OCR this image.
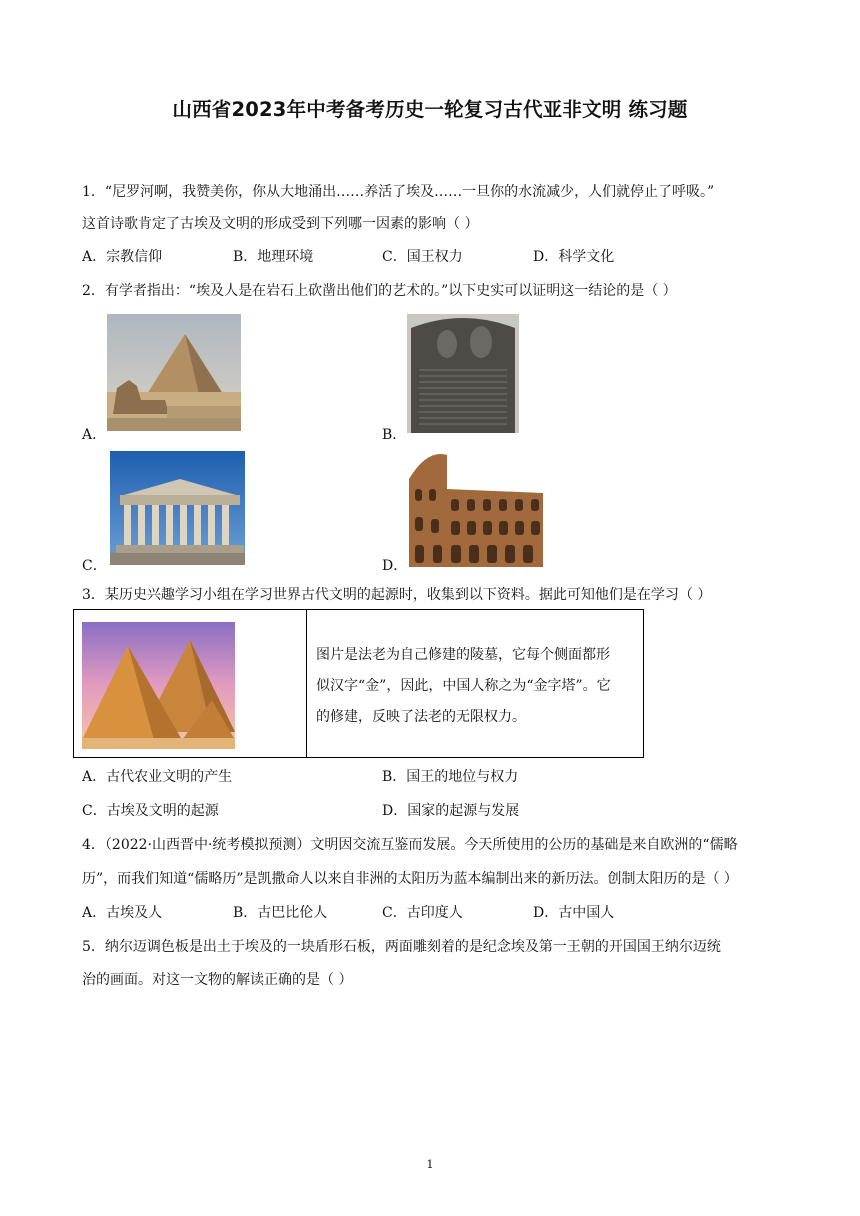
山西省2023年中考备考历史一轮复习古代亚非文明 练习题
1．“尼罗河啊，我赞美你，你从大地涌出……养活了埃及……一旦你的水流减少，人们就停止了呼吸。”
这首诗歌肯定了古埃及文明的形成受到下列哪一因素的影响（ ）
A．宗教信仰	B．地理环境	C．国王权力	D．科学文化
2．有学者指出：“埃及人是在岩石上砍凿出他们的艺术的。”以下史实可以证明这一结论的是（ ）
A．	B．
C．	D．
3．某历史兴趣学习小组在学习世界古代文明的起源时，收集到以下资料。据此可知他们是在学习（ ）
图片是法老为自己修建的陵墓，它每个侧面都形
似汉字“金”，因此，中国人称之为“金字塔”。它
的修建，反映了法老的无限权力。
A．古代农业文明的产生	B．国王的地位与权力
C．古埃及文明的起源	D．国家的起源与发展
4．（2022·山西晋中·统考模拟预测）文明因交流互鉴而发展。今天所使用的公历的基础是来自欧洲的“儒略
历”，而我们知道“儒略历”是凯撒命人以来自非洲的太阳历为蓝本编制出来的新历法。创制太阳历的是（ ）
A．古埃及人	B．古巴比伦人	C．古印度人	D．古中国人
5．纳尔迈调色板是出土于埃及的一块盾形石板，两面雕刻着的是纪念埃及第一王朝的开国国王纳尔迈统
治的画面。对这一文物的解读正确的是（ ）
1
